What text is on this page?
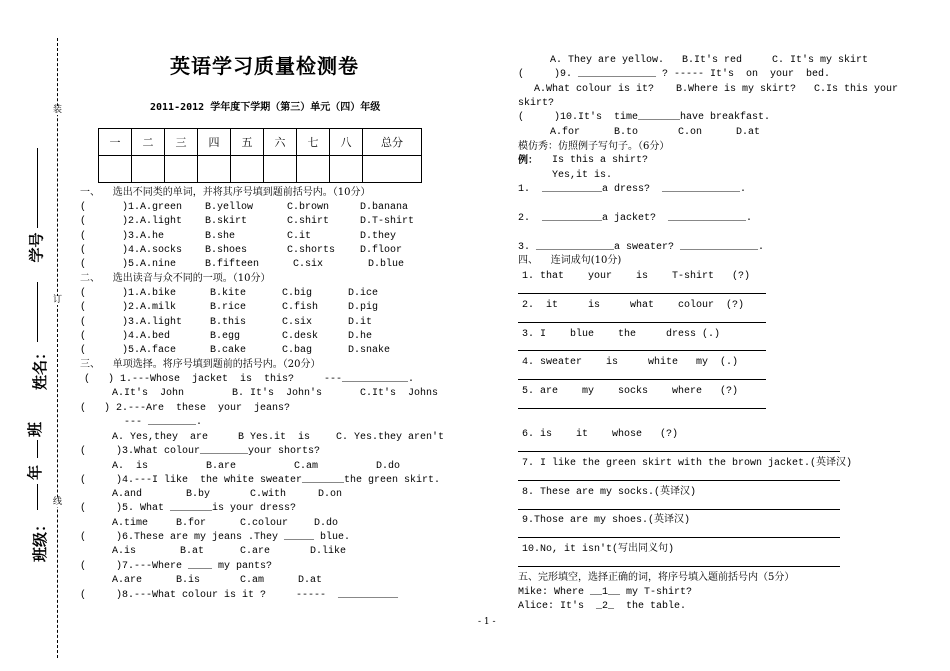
装
订
线
学号
姓名：
班
年
班级：
英语学习质量检测卷
2011-2012 学年度下学期（第三）单元（四）年级
一	二	三	四	五	六	七	八	总分

一、    选出不同类的单词，并将其序号填到题前括号内。（10分）
(      )1.A.green B.yellow	C.brown	D.banana
(      )2.A.light B.skirt	C.shirt	D.T-shirt
(      )3.A.he	B.she	C.it	D.they
(      )4.A.socks B.shoes	C.shorts D.floor
(      )5.A.nine	B.fifteen	C.six	D.blue
二、    选出读音与众不同的一项。（10分）
(      )1.A.bike	B.kite	C.big	D.ice
(      )2.A.milk	B.rice	C.fish	D.pig
(      )3.A.light	B.this	C.six	D.it
(      )4.A.bed	B.egg	C.desk	D.he
(      )5.A.face	B.cake	C.bag	D.snake
三、    单项选择。将序号填到题前的括号内。（20分）
(   ) 1.---Whose  jacket  is  this?     ---___________.
A.It's  John	B. It's  John's	C.It's  Johns
(   ) 2.---Are  these  your  jeans?
--- ________.
A. Yes,they  are	B Yes.it  is	C. Yes.they aren't
(     )3.What colour________your shorts?
A.  is	B.are	C.am	D.do
(     )4.---I like  the white sweater_______the green skirt.
A.and	B.by	C.with	D.on
(     )5. What _______is your dress?
A.time	B.for	C.colour	D.do
(     )6.These are my jeans .They _____ blue.
A.is	B.at	C.are	D.like
(     )7.---Where ____ my pants?
A.are	B.is	C.am	D.at
(     )8.---What colour is it ?     -----  __________
A. They are yellow. B.It's red	C. It's my skirt
(     )9. _____________ ? ----- It's  on  your  bed.
A.What colour is it? B.Where is my skirt? C.Is this your
skirt?
(     )10.It's  time_______have breakfast.
A.for	B.to	C.on	D.at
模仿秀：仿照例子写句子。（6分）
例： Is this a shirt?
Yes,it is.
1.  __________a dress?  _____________.
2.  __________a jacket?  _____________.
3. _____________a sweater? _____________.
四、    连词成句(10分)
1. that    your    is    T-shirt   (?)
2.  it     is     what    colour  (?)
3. I    blue    the     dress (.)
4. sweater    is     white   my  (.)
5. are    my    socks    where   (?)
6. is    it    whose   (?)
7. I like the green skirt with the brown jacket.(英译汉)
8. These are my socks.(英译汉)
9.Those are my shoes.(英译汉)
10.No, it isn't(写出同义句)
五、完形填空，选择正确的词，将序号填入题前括号内（5分）
Mike: Where __1__ my T-shirt?
Alice: It's  _2_  the table.
- 1 -
